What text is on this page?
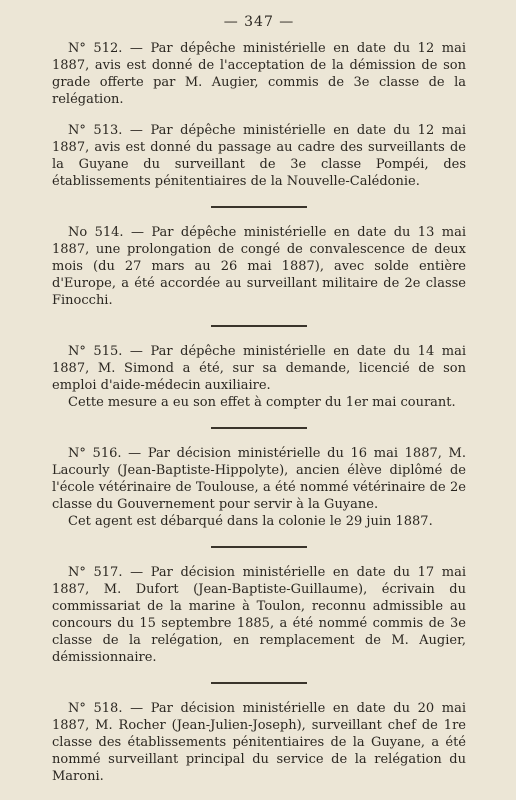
— 347 —

N° 512. — Par dépêche ministérielle en date du 12 mai 1887, avis est donné de l'acceptation de la démission de son grade offerte par M. Augier, commis de 3e classe de la relégation.

N° 513. — Par dépêche ministérielle en date du 12 mai 1887, avis est donné du passage au cadre des surveillants de la Guyane du surveillant de 3e classe Pompéi, des établissements pénitentiaires de la Nouvelle-Calédonie.

No 514. — Par dépêche ministérielle en date du 13 mai 1887, une prolongation de congé de convalescence de deux mois (du 27 mars au 26 mai 1887), avec solde entière d'Europe, a été accordée au surveillant militaire de 2e classe Finocchi.

N° 515. — Par dépêche ministérielle en date du 14 mai 1887, M. Simond a été, sur sa demande, licencié de son emploi d'aide-médecin auxiliaire.

Cette mesure a eu son effet à compter du 1er mai courant.

N° 516. — Par décision ministérielle du 16 mai 1887, M. Lacourly (Jean-Baptiste-Hippolyte), ancien élève diplômé de l'école vétérinaire de Toulouse, a été nommé vétérinaire de 2e classe du Gouvernement pour servir à la Guyane.

Cet agent est débarqué dans la colonie le 29 juin 1887.

N° 517. — Par décision ministérielle en date du 17 mai 1887, M. Dufort (Jean-Baptiste-Guillaume), écrivain du commissariat de la marine à Toulon, reconnu admissible au concours du 15 septembre 1885, a été nommé commis de 3e classe de la relégation, en remplacement de M. Augier, démissionnaire.

N° 518. — Par décision ministérielle en date du 20 mai 1887, M. Rocher (Jean-Julien-Joseph), surveillant chef de 1re classe des établissements pénitentiaires de la Guyane, a été nommé surveillant principal du service de la relégation du Maroni.
